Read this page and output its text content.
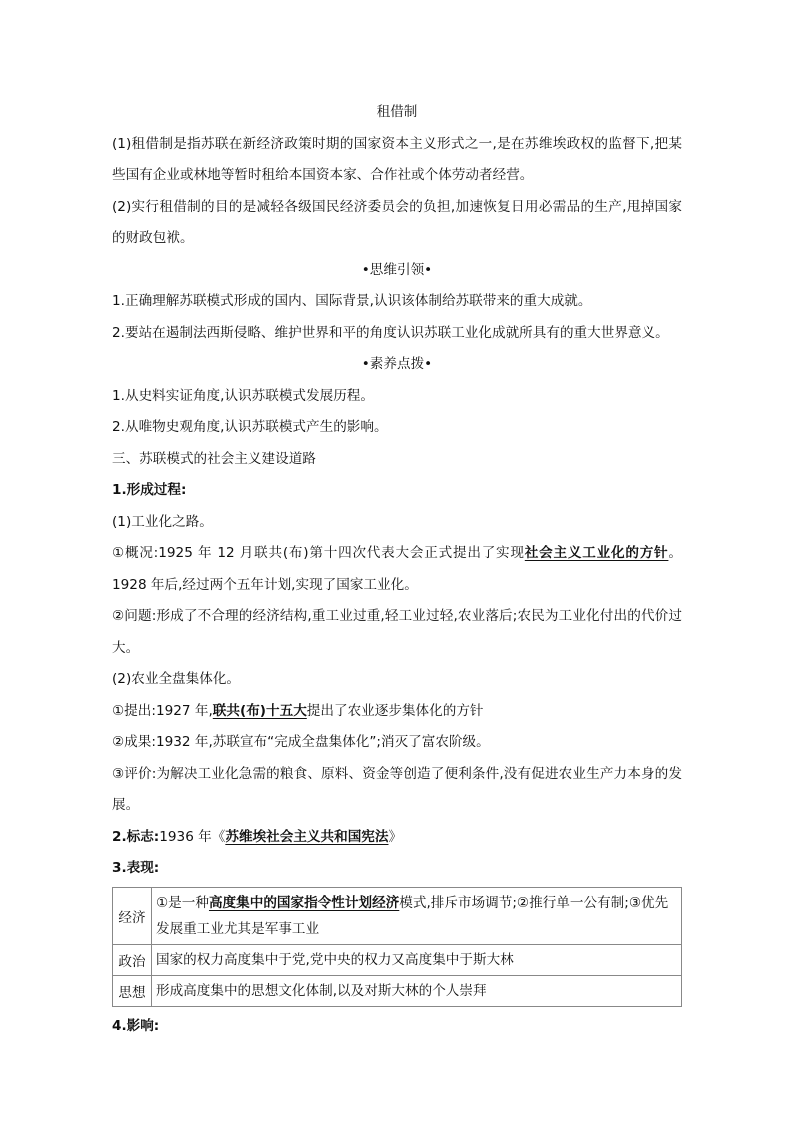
租借制
(1)租借制是指苏联在新经济政策时期的国家资本主义形式之一,是在苏维埃政权的监督下,把某些国有企业或林地等暂时租给本国资本家、合作社或个体劳动者经营。
(2)实行租借制的目的是减轻各级国民经济委员会的负担,加速恢复日用必需品的生产,甩掉国家的财政包袱。
•思维引领•
1.正确理解苏联模式形成的国内、国际背景,认识该体制给苏联带来的重大成就。
2.要站在遏制法西斯侵略、维护世界和平的角度认识苏联工业化成就所具有的重大世界意义。
•素养点拨•
1.从史料实证角度,认识苏联模式发展历程。
2.从唯物史观角度,认识苏联模式产生的影响。
三、苏联模式的社会主义建设道路
1.形成过程:
(1)工业化之路。
①概况:1925 年 12 月联共(布)第十四次代表大会正式提出了实现社会主义工业化的方针。1928 年后,经过两个五年计划,实现了国家工业化。
②问题:形成了不合理的经济结构,重工业过重,轻工业过轻,农业落后;农民为工业化付出的代价过大。
(2)农业全盘集体化。
①提出:1927 年,联共(布)十五大提出了农业逐步集体化的方针
②成果:1932 年,苏联宣布“完成全盘集体化”;消灭了富农阶级。
③评价:为解决工业化急需的粮食、原料、资金等创造了便利条件,没有促进农业生产力本身的发展。
2.标志:1936 年《苏维埃社会主义共和国宪法》
3.表现:
经济	①是一种高度集中的国家指令性计划经济模式,排斥市场调节;②推行单一公有制;③优先发展重工业尤其是军事工业
政治	国家的权力高度集中于党,党中央的权力又高度集中于斯大林
思想	形成高度集中的思想文化体制,以及对斯大林的个人崇拜
4.影响:
